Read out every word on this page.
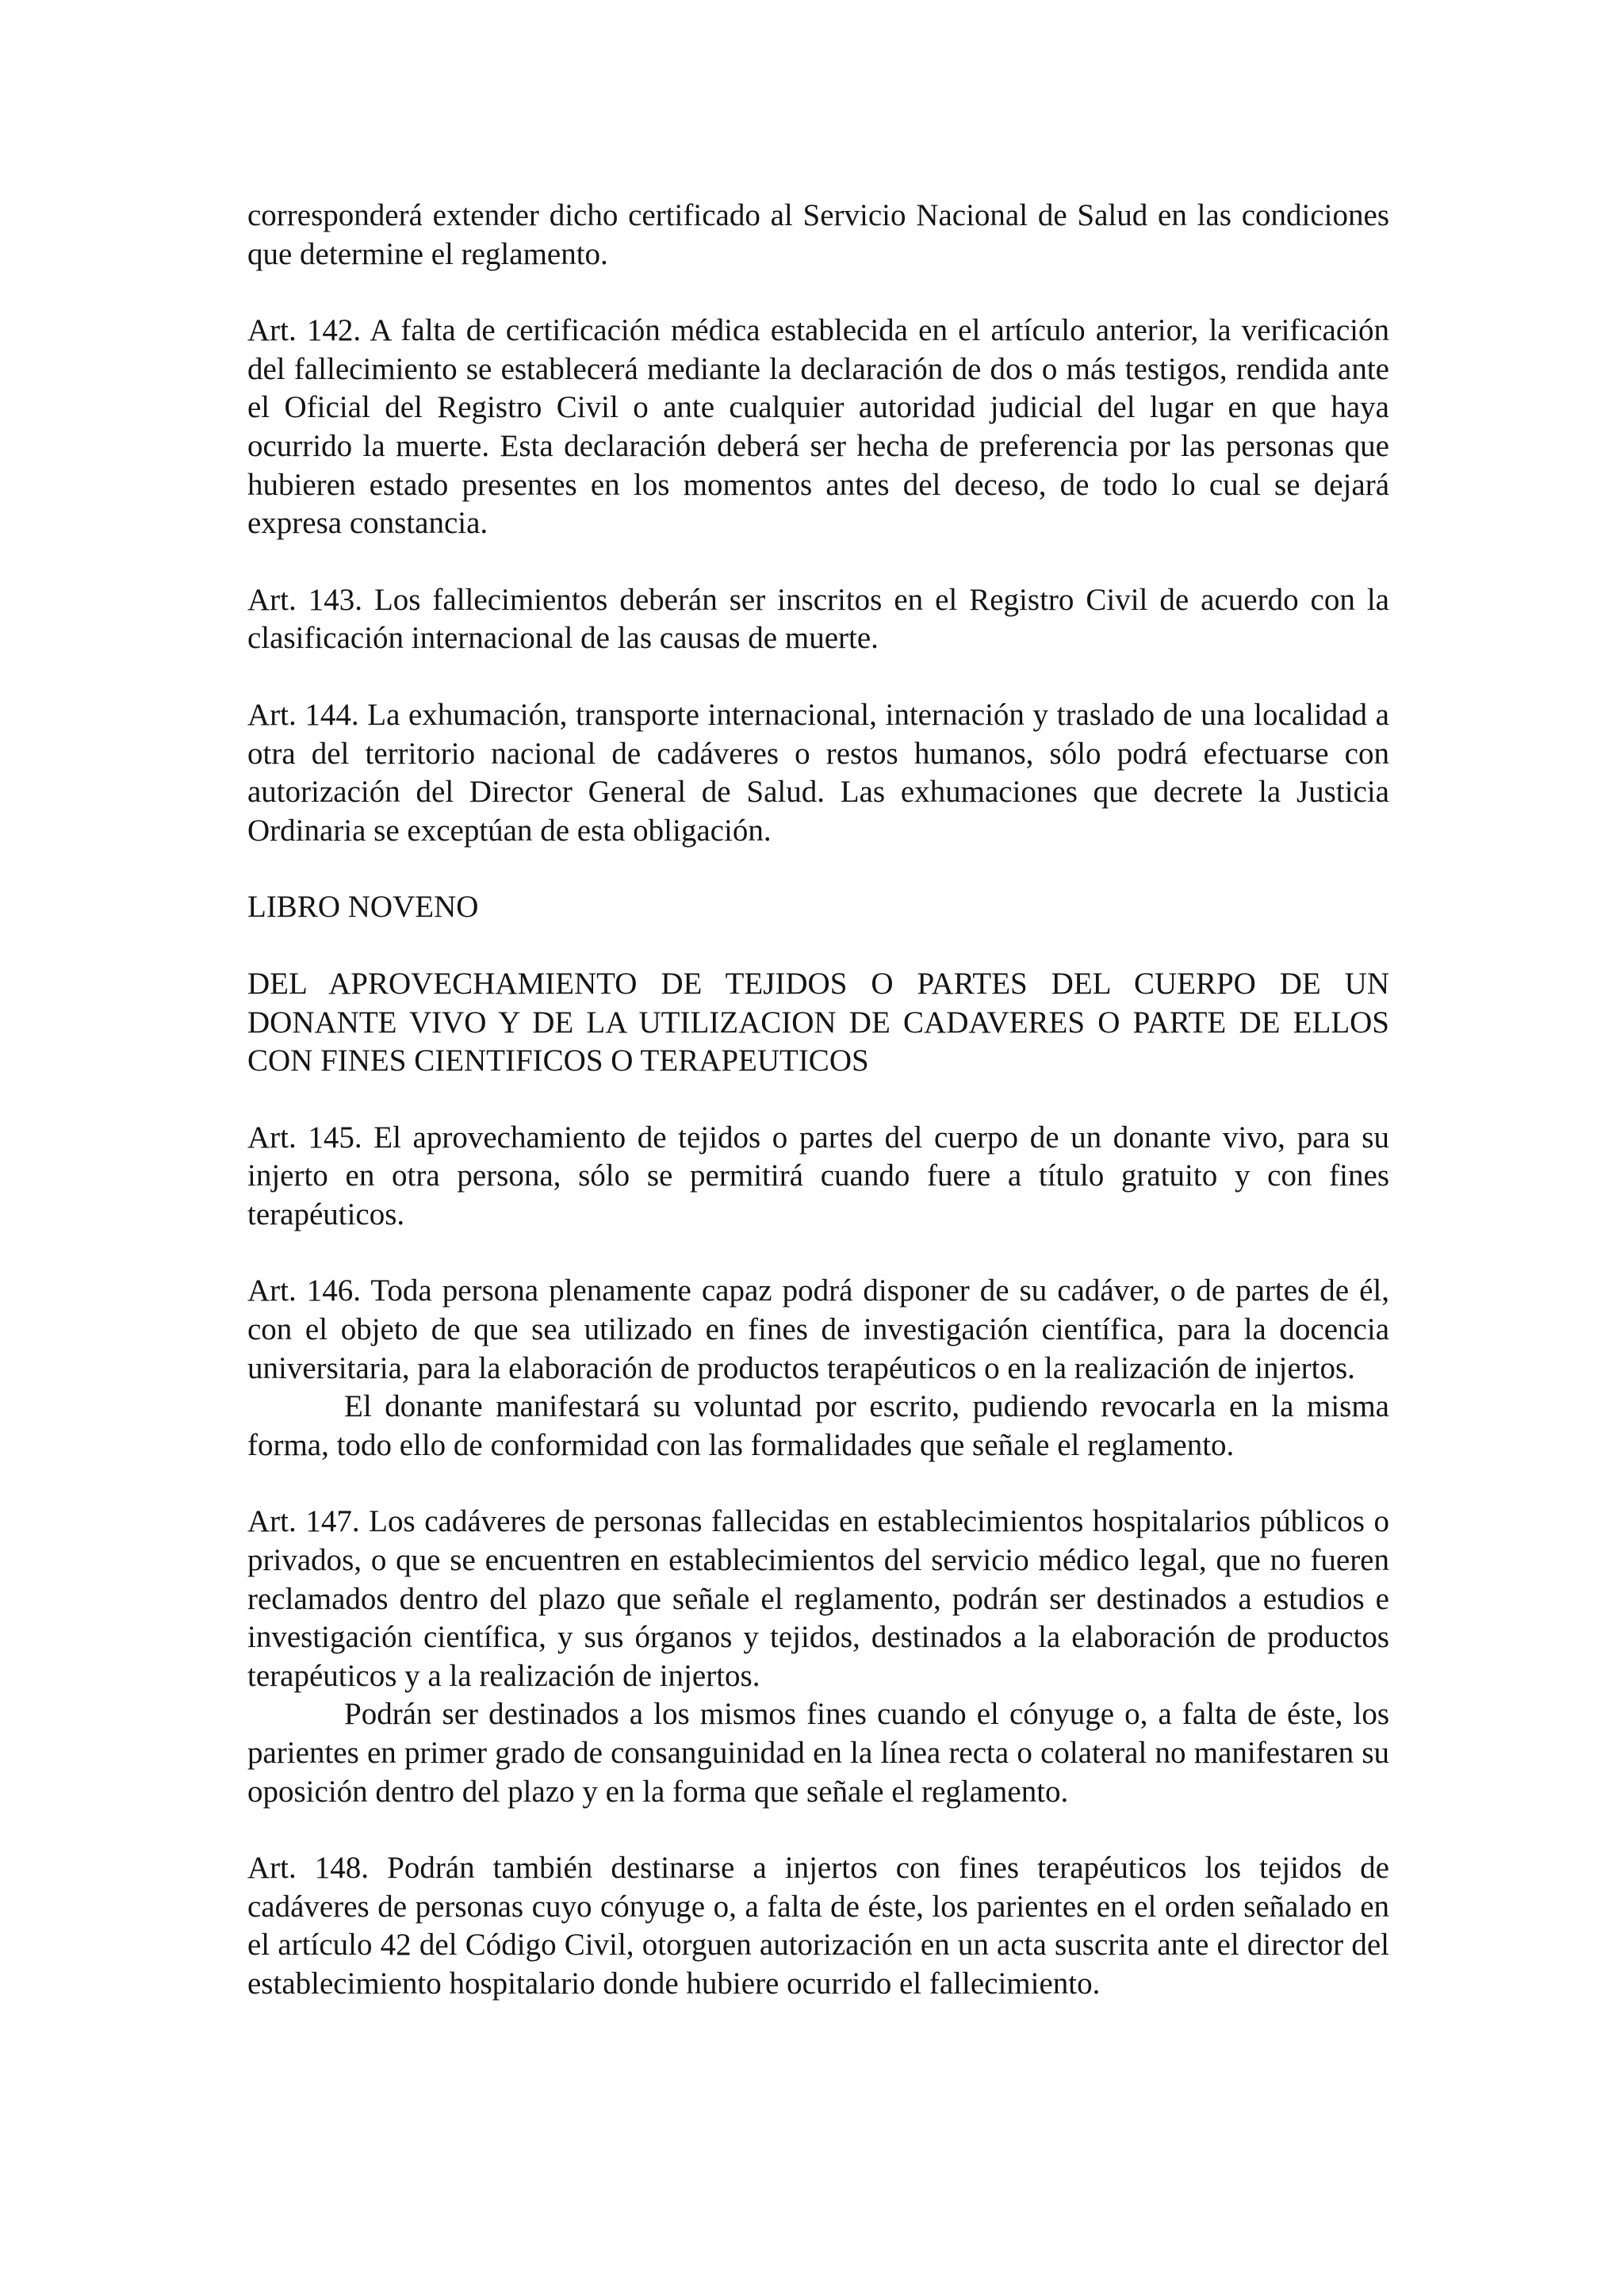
corresponderá extender dicho certificado al Servicio Nacional de Salud en las condiciones que determine el reglamento.

Art. 142. A falta de certificación médica establecida en el artículo anterior, la verificación del fallecimiento se establecerá mediante la declaración de dos o más testigos, rendida ante el Oficial del Registro Civil o ante cualquier autoridad judicial del lugar en que haya ocurrido la muerte. Esta declaración deberá ser hecha de preferencia por las personas que hubieren estado presentes en los momentos antes del deceso, de todo lo cual se dejará expresa constancia.

Art. 143. Los fallecimientos deberán ser inscritos en el Registro Civil de acuerdo con la clasificación internacional de las causas de muerte.

Art. 144. La exhumación, transporte internacional, internación y traslado de una localidad a otra del territorio nacional de cadáveres o restos humanos, sólo podrá efectuarse con autorización del Director General de Salud. Las exhumaciones que decrete la Justicia Ordinaria se exceptúan de esta obligación.

LIBRO NOVENO

DEL APROVECHAMIENTO DE TEJIDOS O PARTES DEL CUERPO DE UN DONANTE VIVO Y DE LA UTILIZACION DE CADAVERES O PARTE DE ELLOS CON FINES CIENTIFICOS O TERAPEUTICOS

Art. 145. El aprovechamiento de tejidos o partes del cuerpo de un donante vivo, para su injerto en otra persona, sólo se permitirá cuando fuere a título gratuito y con fines terapéuticos.

Art. 146. Toda persona plenamente capaz podrá disponer de su cadáver, o de partes de él, con el objeto de que sea utilizado en fines de investigación científica, para la docencia universitaria, para la elaboración de productos terapéuticos o en la realización de injertos.

El donante manifestará su voluntad por escrito, pudiendo revocarla en la misma forma, todo ello de conformidad con las formalidades que señale el reglamento.

Art. 147. Los cadáveres de personas fallecidas en establecimientos hospitalarios públicos o privados, o que se encuentren en establecimientos del servicio médico legal, que no fueren reclamados dentro del plazo que señale el reglamento, podrán ser destinados a estudios e investigación científica, y sus órganos y tejidos, destinados a la elaboración de productos terapéuticos y a la realización de injertos.

Podrán ser destinados a los mismos fines cuando el cónyuge o, a falta de éste, los parientes en primer grado de consanguinidad en la línea recta o colateral no manifestaren su oposición dentro del plazo y en la forma que señale el reglamento.

Art. 148. Podrán también destinarse a injertos con fines terapéuticos los tejidos de cadáveres de personas cuyo cónyuge o, a falta de éste, los parientes en el orden señalado en el artículo 42 del Código Civil, otorguen autorización en un acta suscrita ante el director del establecimiento hospitalario donde hubiere ocurrido el fallecimiento.
